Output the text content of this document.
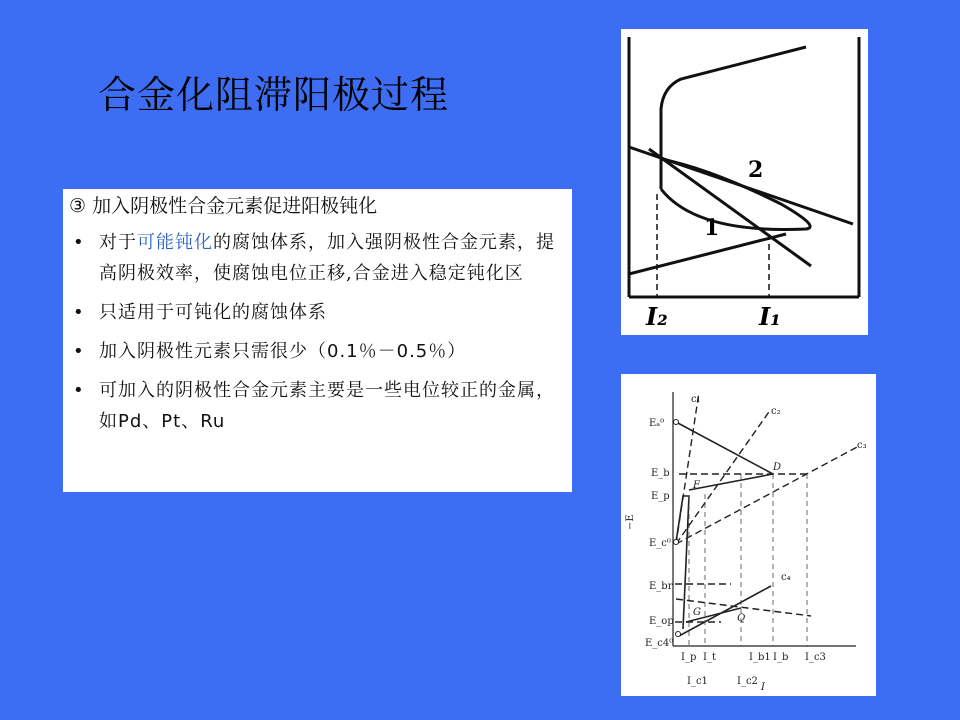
合金化阻滞阳极过程
③ 加入阴极性合金元素促进阳极钝化
• 对于可能钝化的腐蚀体系，加入强阴极性合金元素，提高阴极效率，使腐蚀电位正移,合金进入稳定钝化区
• 只适用于可钝化的腐蚀体系
• 加入阴极性元素只需很少（0.1％－0.5％）
• 可加入的阴极性合金元素主要是一些电位较正的金属，如Pd、Pt、Ru
2
1
I₂	I₁
c₁
c₂
c₃
c₄
Eₐ⁰
E_b
E_p
E_c⁰
E_br
E_op
E_c4⁰
−E
D
F
G
Q
I_p I_t	I_b1 I_b I_c3
I_c1	I_c2
I
